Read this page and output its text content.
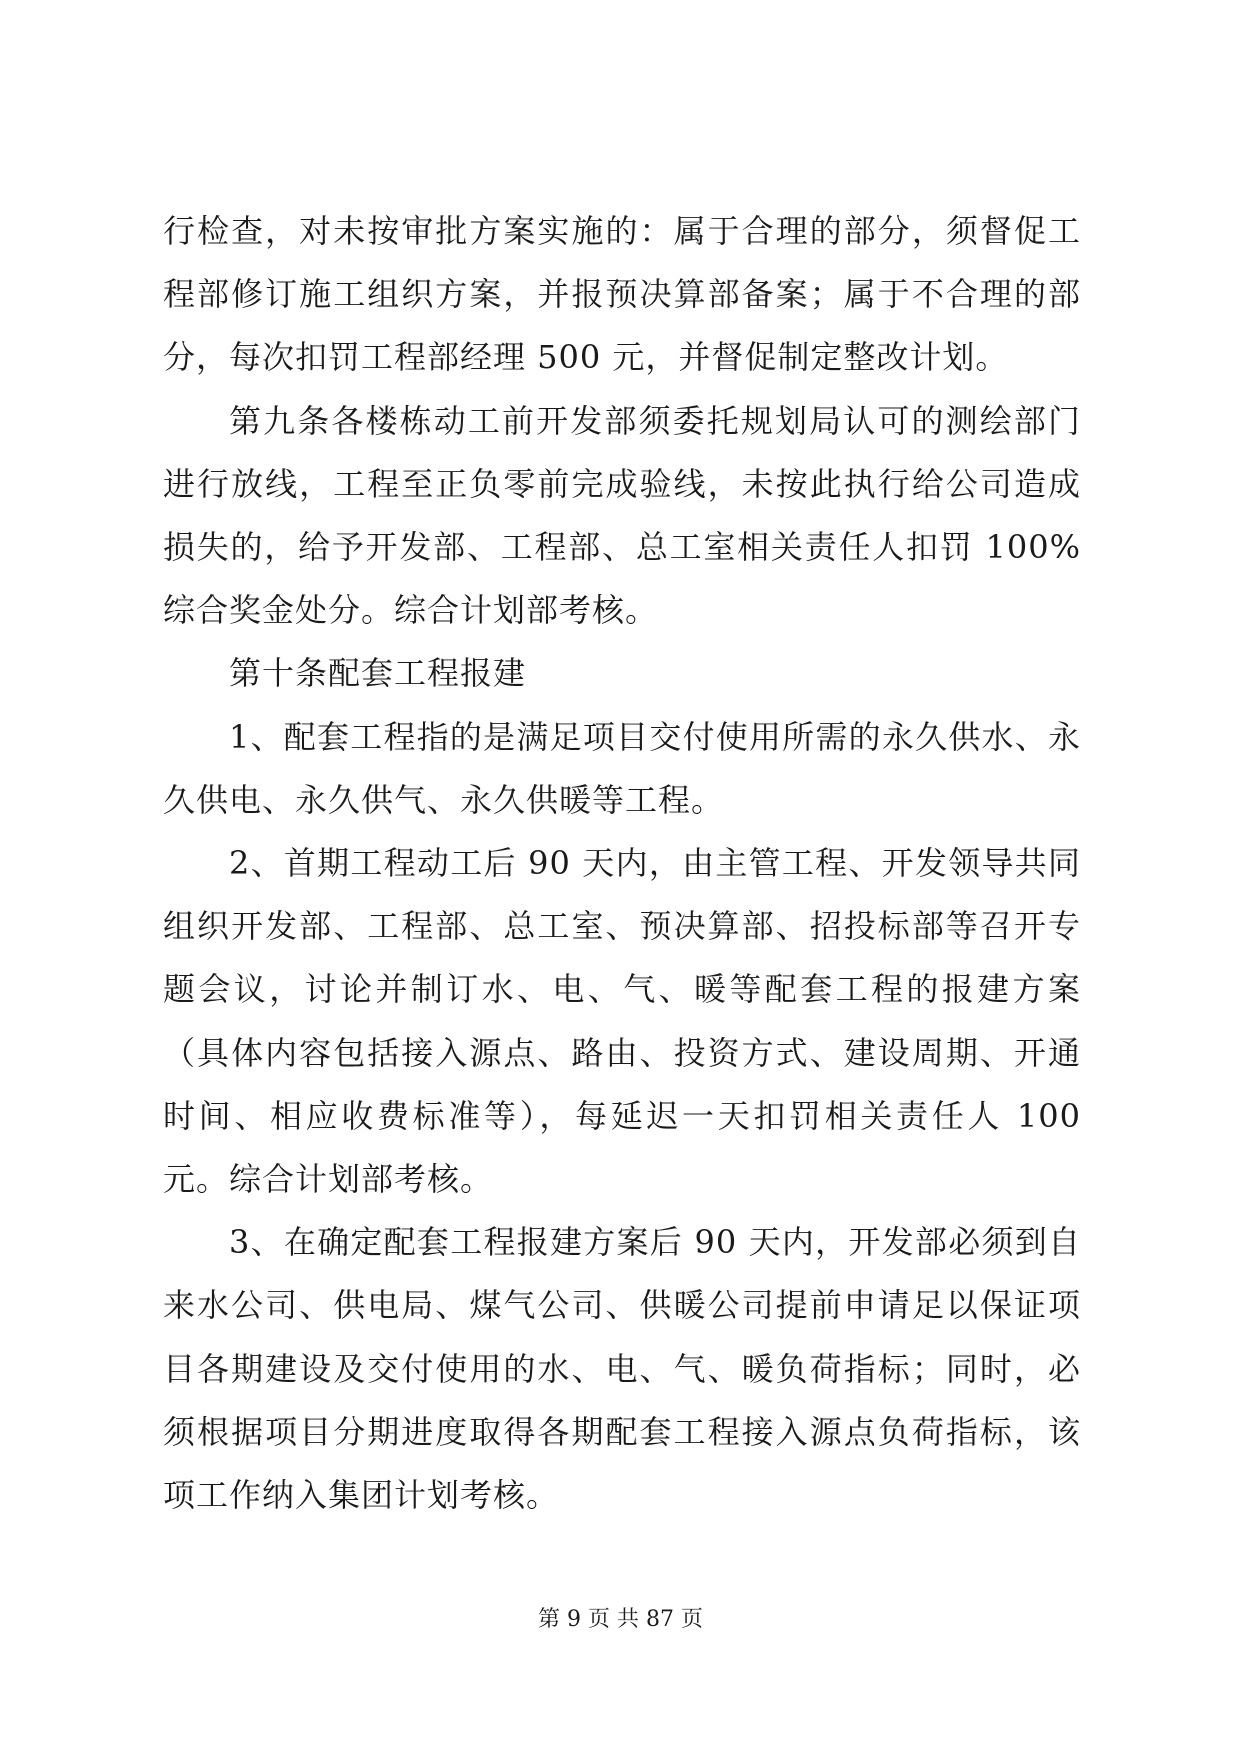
行检查，对未按审批方案实施的：属于合理的部分，须督促工程部修订施工组织方案，并报预决算部备案；属于不合理的部分，每次扣罚工程部经理 500 元，并督促制定整改计划。

第九条各楼栋动工前开发部须委托规划局认可的测绘部门进行放线，工程至正负零前完成验线，未按此执行给公司造成损失的，给予开发部、工程部、总工室相关责任人扣罚 100%综合奖金处分。综合计划部考核。

第十条配套工程报建

1、配套工程指的是满足项目交付使用所需的永久供水、永久供电、永久供气、永久供暖等工程。

2、首期工程动工后 90 天内，由主管工程、开发领导共同组织开发部、工程部、总工室、预决算部、招投标部等召开专题会议，讨论并制订水、电、气、暖等配套工程的报建方案（具体内容包括接入源点、路由、投资方式、建设周期、开通时间、相应收费标准等），每延迟一天扣罚相关责任人 100 元。综合计划部考核。

3、在确定配套工程报建方案后 90 天内，开发部必须到自来水公司、供电局、煤气公司、供暖公司提前申请足以保证项目各期建设及交付使用的水、电、气、暖负荷指标；同时，必须根据项目分期进度取得各期配套工程接入源点负荷指标，该项工作纳入集团计划考核。

第 9 页 共 87 页
